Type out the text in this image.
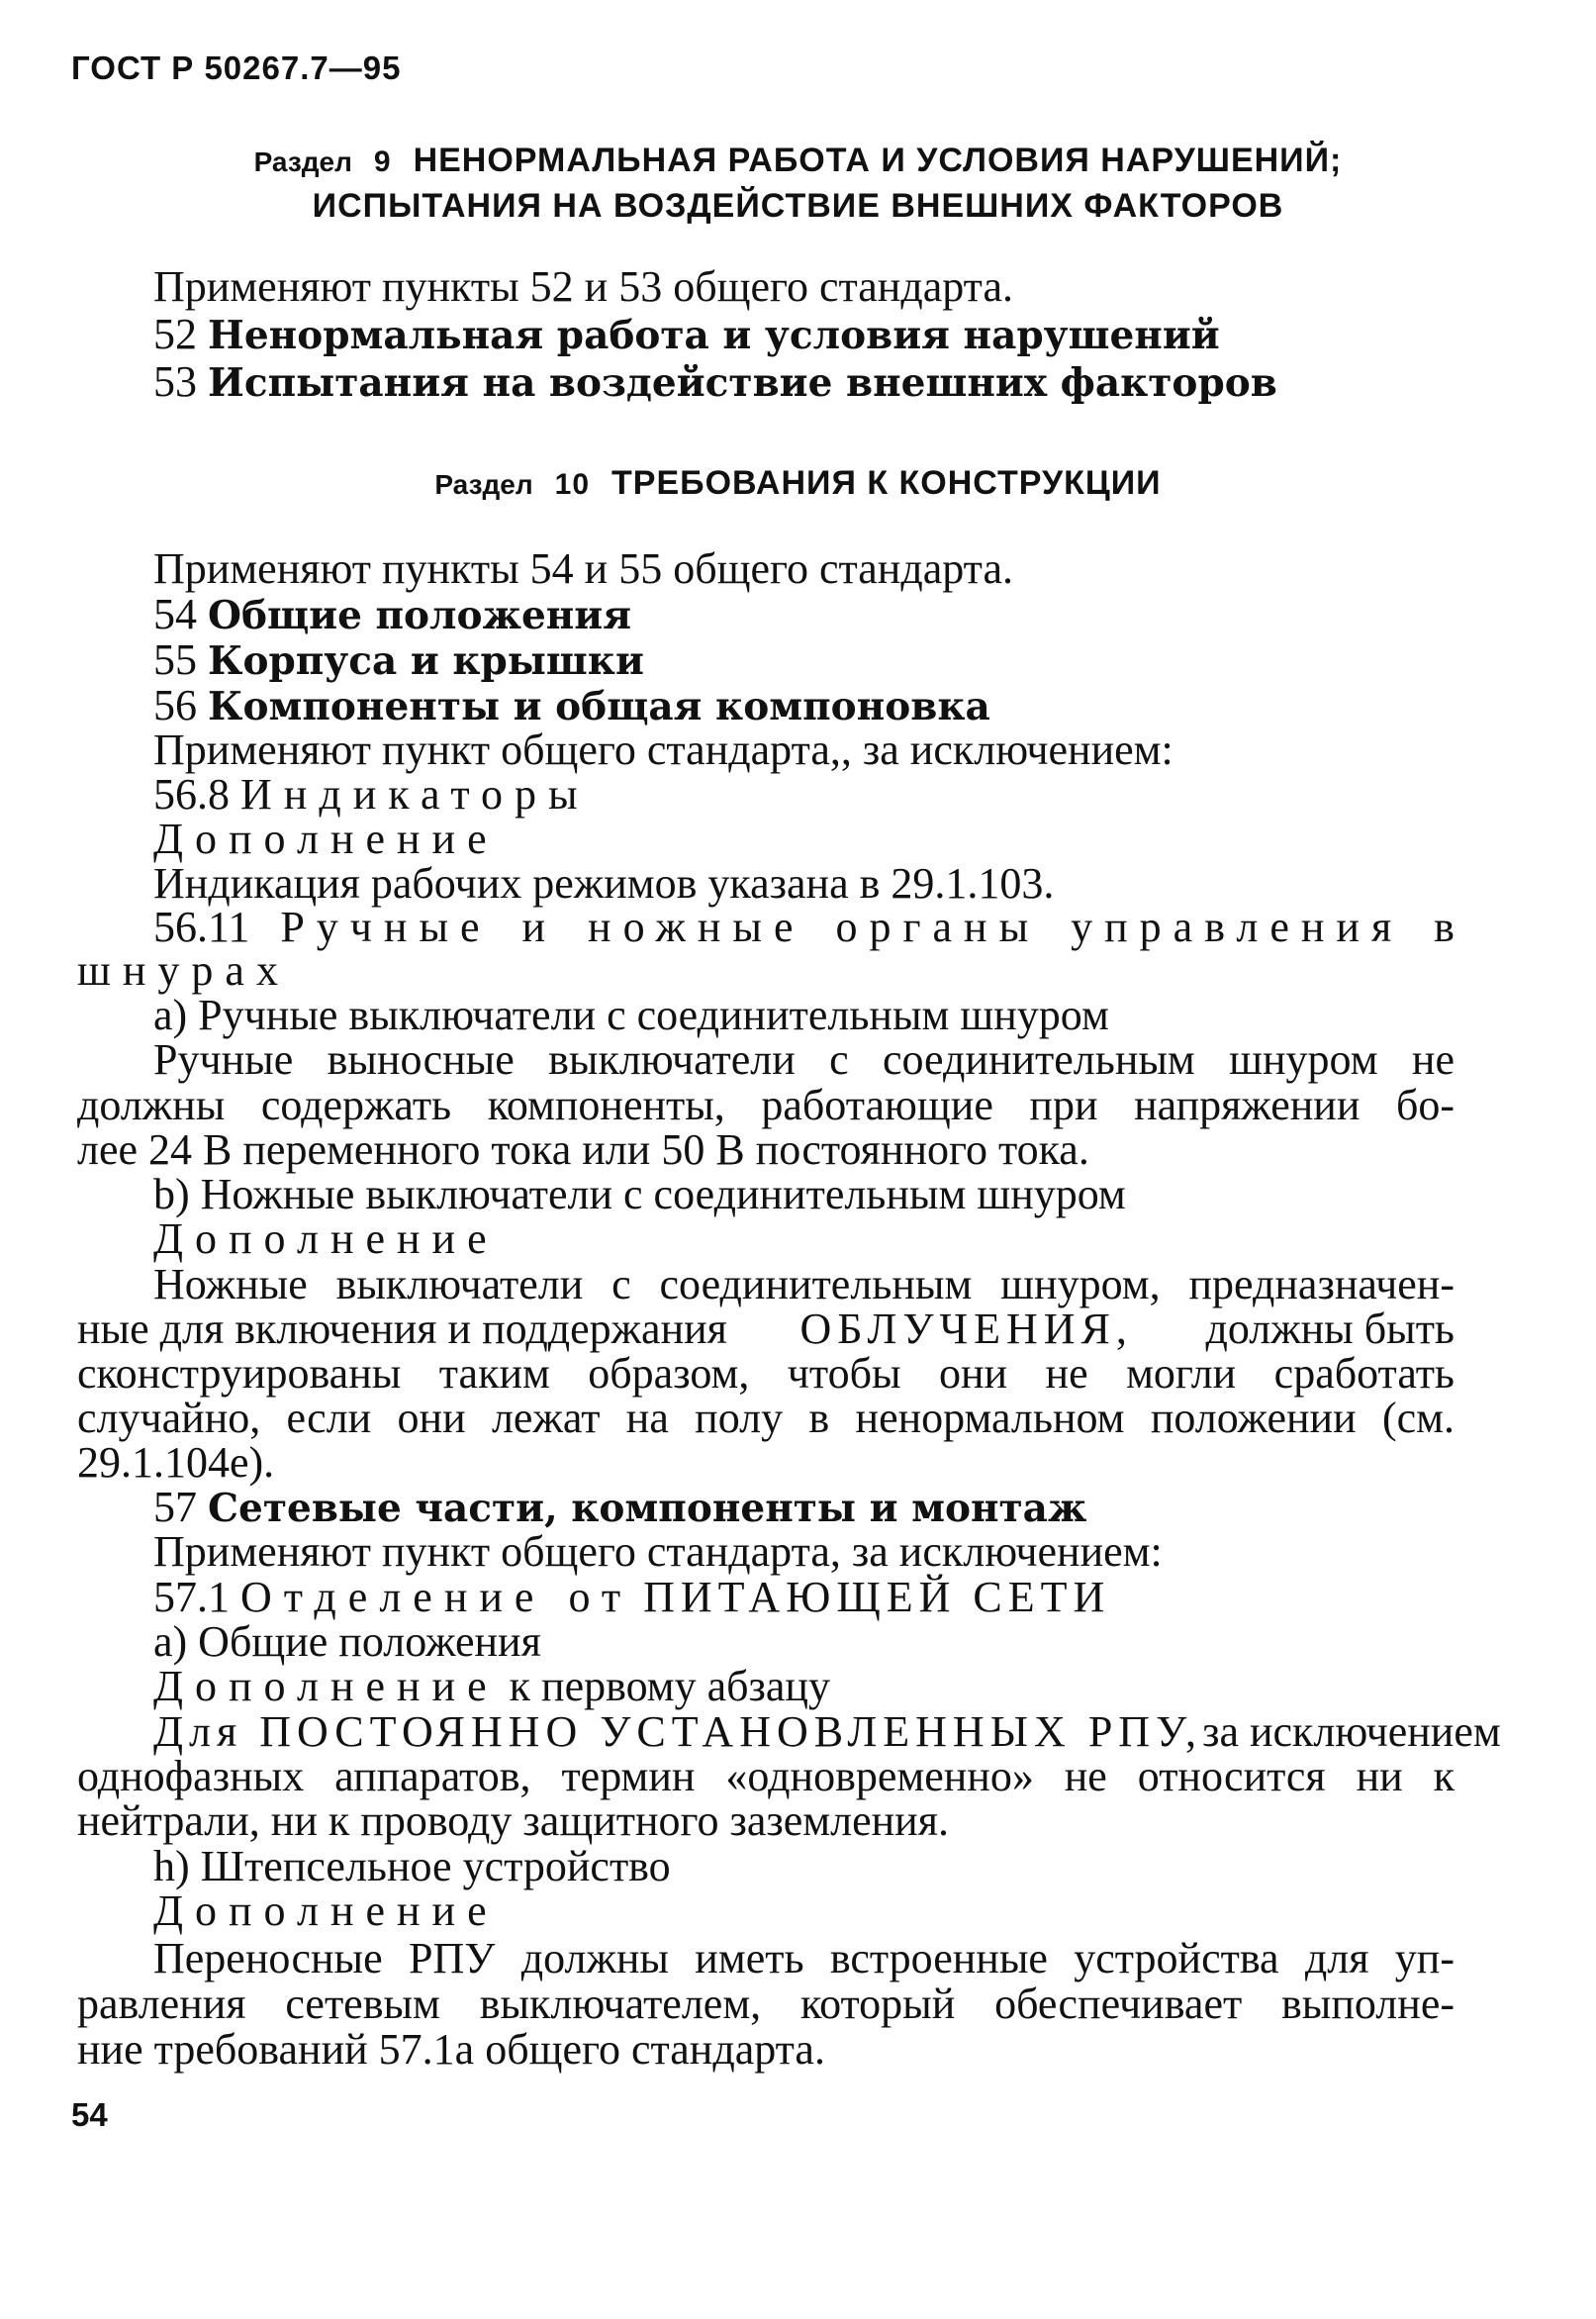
ГОСТ Р 50267.7—95
Раздел 9 НЕНОРМАЛЬНАЯ РАБОТА И УСЛОВИЯ НАРУШЕНИЙ;
ИСПЫТАНИЯ НА ВОЗДЕЙСТВИЕ ВНЕШНИХ ФАКТОРОВ
Применяют пункты 52 и 53 общего стандарта.
52 Ненормальная работа и условия нарушений
53 Испытания на воздействие внешних факторов
Раздел 10 ТРЕБОВАНИЯ К КОНСТРУКЦИИ
Применяют пункты 54 и 55 общего стандарта.
54 Общие положения
55 Корпуса и крышки
56 Компоненты и общая компоновка
Применяют пункт общего стандарта,, за исключением:
56.8 Индикаторы
Дополнение
Индикация рабочих режимов указана в 29.1.103.
56.11 Ручные и ножные органы управления в
шнурах
а) Ручные выключатели с соединительным шнуром
Ручные выносные выключатели с соединительным шнуром не
должны содержать компоненты, работающие при напряжении бо-
лее 24 В переменного тока или 50 В постоянного тока.
b) Ножные выключатели с соединительным шнуром
Дополнение
Ножные выключатели с соединительным шнуром, предназначен-
ные для включения и поддержания ОБЛУЧЕНИЯ, должны быть
сконструированы таким образом, чтобы они не могли сработать
случайно, если они лежат на полу в ненормальном положении (см.
29.1.104е).
57 Сетевые части, компоненты и монтаж
Применяют пункт общего стандарта, за исключением:
57.1 Отделение от ПИТАЮЩЕЙ СЕТИ
а) Общие положения
Дополнение к первому абзацу
Для ПОСТОЯННО УСТАНОВЛЕННЫХ РПУ, за исключением
однофазных аппаратов, термин «одновременно» не относится ни к
нейтрали, ни к проводу защитного заземления.
h) Штепсельное устройство
Дополнение
Переносные РПУ должны иметь встроенные устройства для уп-
равления сетевым выключателем, который обеспечивает выполне-
ние требований 57.1а общего стандарта.
54
